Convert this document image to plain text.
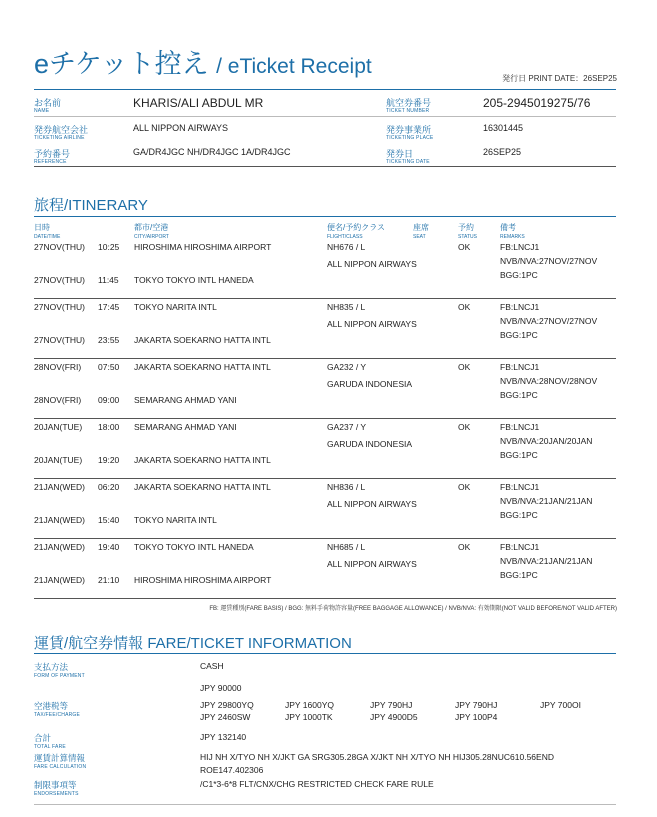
eチケット控え / eTicket Receipt
発行日 PRINT DATE：26SEP25
お名前
NAME
KHARIS/ALI ABDUL MR	航空券番号
TICKET NUMBER
205-2945019275/76
発券航空会社
TICKETING AIRLINE
ALL NIPPON AIRWAYS	発券事業所
TICKETING PLACE
16301445
予約番号
REFERENCE
GA/DR4JGC NH/DR4JGC 1A/DR4JGC	発券日
TICKETING DATE
26SEP25
旅程/ITINERARY
日時
DATE/TIME
都市/空港
CITY/AIRPORT
便名/予約クラス
FLIGHT/CLASS
座席
SEAT
予約
STATUS
備考
REMARKS
27NOV(THU) 10:25 HIROSHIMA HIROSHIMA AIRPORT	NH676 / L
ALL NIPPON AIRWAYS
OK	FB:LNCJ1
NVB/NVA:27NOV/27NOV
BGG:1PC
27NOV(THU) 11:45 TOKYO TOKYO INTL HANEDA
27NOV(THU) 17:45 TOKYO NARITA INTL	NH835 / L
ALL NIPPON AIRWAYS
OK	FB:LNCJ1
NVB/NVA:27NOV/27NOV
BGG:1PC
27NOV(THU) 23:55 JAKARTA SOEKARNO HATTA INTL
28NOV(FRI) 07:50 JAKARTA SOEKARNO HATTA INTL	GA232 / Y
GARUDA INDONESIA
OK	FB:LNCJ1
NVB/NVA:28NOV/28NOV
BGG:1PC
28NOV(FRI) 09:00 SEMARANG AHMAD YANI
20JAN(TUE) 18:00 SEMARANG AHMAD YANI	GA237 / Y
GARUDA INDONESIA
OK	FB:LNCJ1
NVB/NVA:20JAN/20JAN
BGG:1PC
20JAN(TUE) 19:20 JAKARTA SOEKARNO HATTA INTL
21JAN(WED) 06:20 JAKARTA SOEKARNO HATTA INTL	NH836 / L
ALL NIPPON AIRWAYS
OK	FB:LNCJ1
NVB/NVA:21JAN/21JAN
BGG:1PC
21JAN(WED) 15:40 TOKYO NARITA INTL
21JAN(WED) 19:40 TOKYO TOKYO INTL HANEDA	NH685 / L
ALL NIPPON AIRWAYS
OK	FB:LNCJ1
NVB/NVA:21JAN/21JAN
BGG:1PC
21JAN(WED) 21:10 HIROSHIMA HIROSHIMA AIRPORT
FB: 運賃種別(FARE BASIS) / BGG: 無料手荷物許容量(FREE BAGGAGE ALLOWANCE) / NVB/NVA: 有効期限(NOT VALID BEFORE/NOT VALID AFTER)
運賃/航空券情報 FARE/TICKET INFORMATION
支払方法
FORM OF PAYMENT
CASH
JPY 90000
空港税等
TAX/FEE/CHARGE
JPY 29800YQ	JPY 1600YQ	JPY 790HJ	JPY 790HJ	JPY 700OI
JPY 2460SW	JPY 1000TK	JPY 4900D5	JPY 100P4
合計
TOTAL FARE
JPY 132140
運賃計算情報
FARE CALCULATION
HIJ NH X/TYO NH X/JKT GA SRG305.28GA X/JKT NH X/TYO NH HIJ305.28NUC610.56END
ROE147.402306
制限事項等
ENDORSEMENTS
/C1*3-6*8 FLT/CNX/CHG RESTRICTED CHECK FARE RULE
